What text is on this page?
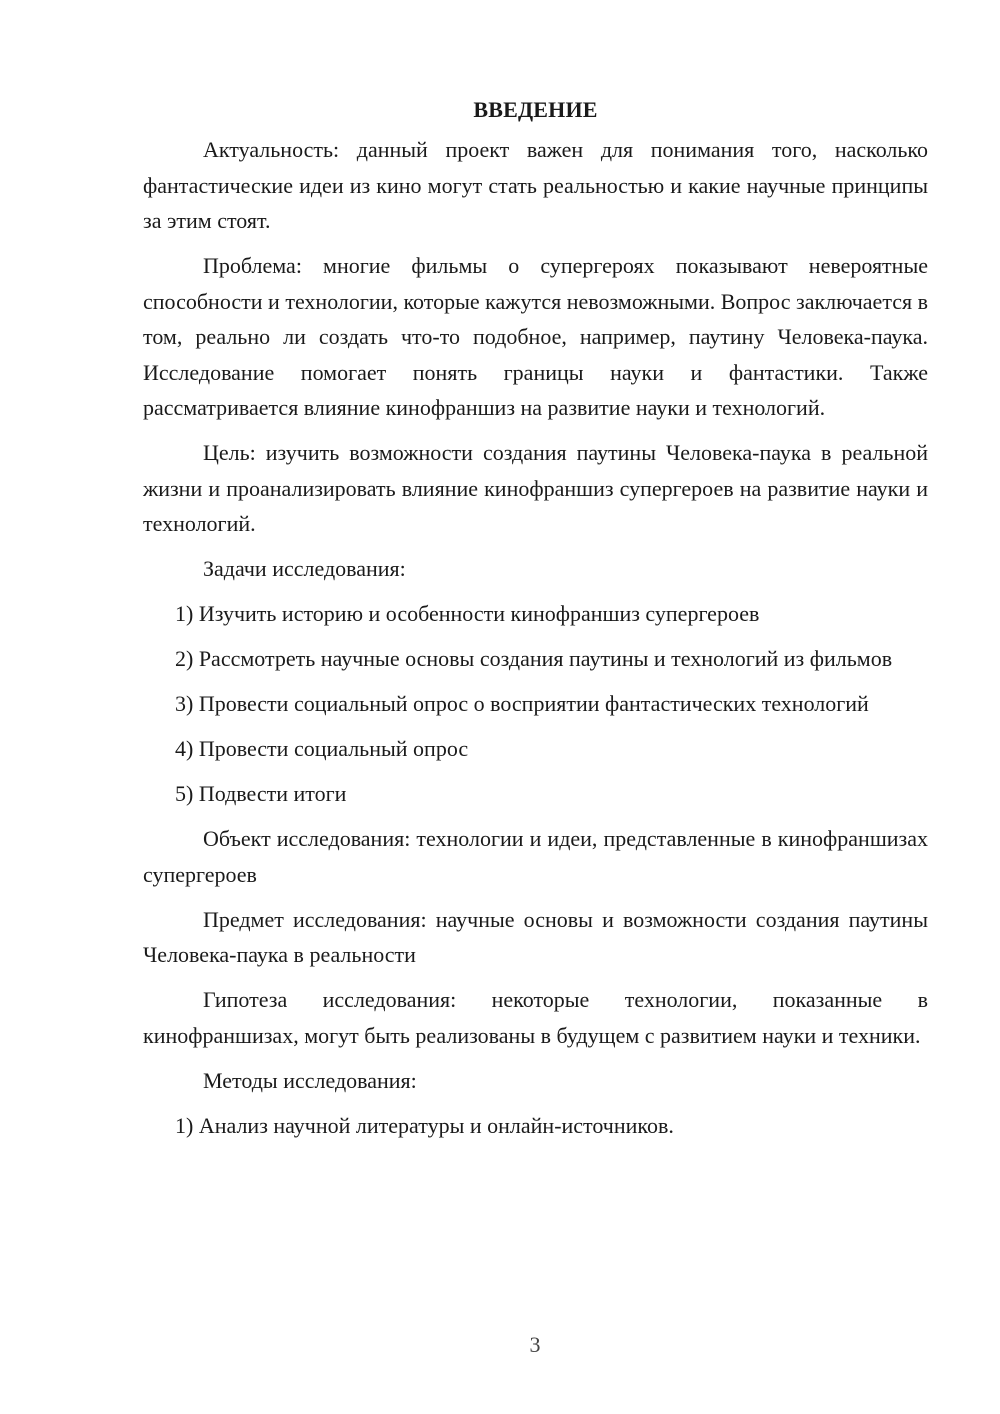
ВВЕДЕНИЕ
Актуальность: данный проект важен для понимания того, насколько фантастические идеи из кино могут стать реальностью и какие научные принципы за этим стоят.
Проблема: многие фильмы о супергероях показывают невероятные способности и технологии, которые кажутся невозможными. Вопрос заключается в том, реально ли создать что-то подобное, например, паутину Человека-паука. Исследование помогает понять границы науки и фантастики. Также рассматривается влияние кинофраншиз на развитие науки и технологий.
Цель: изучить возможности создания паутины Человека-паука в реальной жизни и проанализировать влияние кинофраншиз супергероев на развитие науки и технологий.
Задачи исследования:
1) Изучить историю и особенности кинофраншиз супергероев
2) Рассмотреть научные основы создания паутины и технологий из фильмов
3) Провести социальный опрос о восприятии фантастических технологий
4) Провести социальный опрос
5) Подвести итоги
Объект исследования: технологии и идеи, представленные в кинофраншизах супергероев
Предмет исследования: научные основы и возможности создания паутины Человека-паука в реальности
Гипотеза исследования: некоторые технологии, показанные в кинофраншизах, могут быть реализованы в будущем с развитием науки и техники.
Методы исследования:
1) Анализ научной литературы и онлайн-источников.
3
